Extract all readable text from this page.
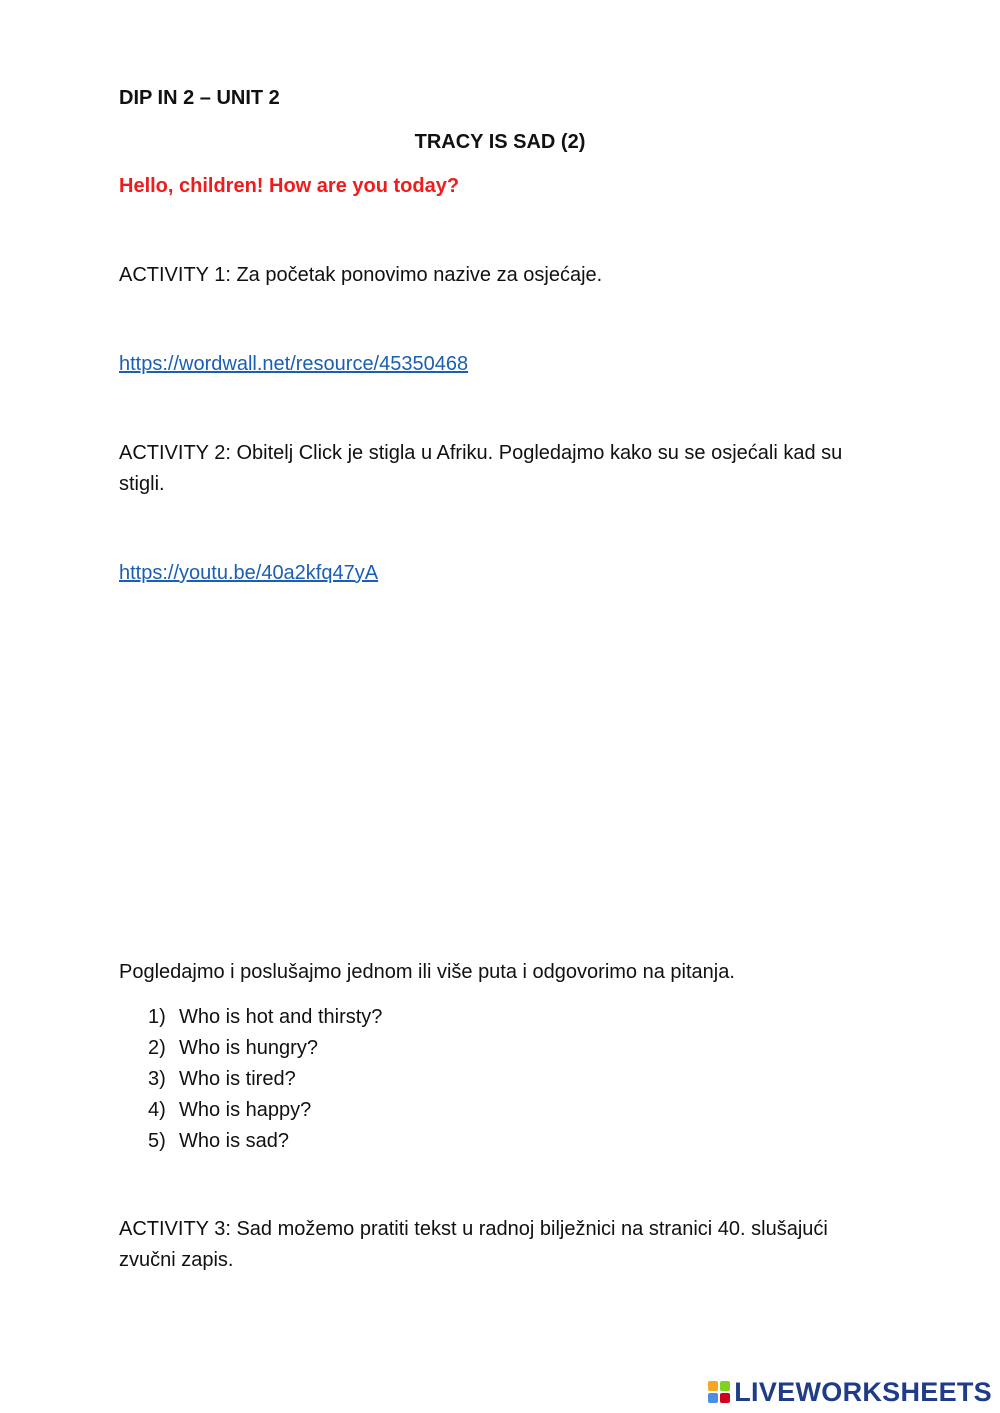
DIP IN 2 – UNIT 2
TRACY IS SAD (2)
Hello, children! How are you today?
ACTIVITY 1: Za početak ponovimo nazive za osjećaje.
https://wordwall.net/resource/45350468
ACTIVITY 2: Obitelj Click je stigla u Afriku. Pogledajmo kako su se osjećali kad su stigli.
https://youtu.be/40a2kfq47yA
Pogledajmo i poslušajmo jednom ili više puta i odgovorimo na pitanja.
1) Who is hot and thirsty?
2) Who is hungry?
3) Who is tired?
4) Who is happy?
5) Who is sad?
ACTIVITY 3: Sad možemo pratiti tekst u radnoj bilježnici na stranici 40. slušajući zvučni zapis.
LIVEWORKSHEETS
